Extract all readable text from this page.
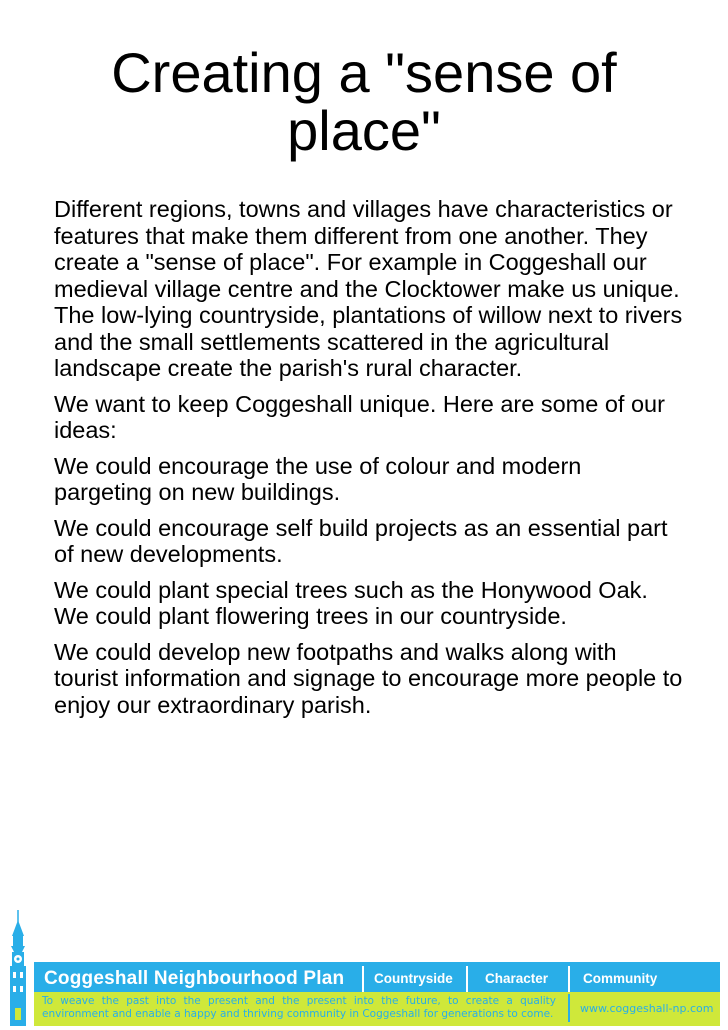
Creating a "sense of place"

Different regions, towns and villages have characteristics or features that make them different from one another. They create a "sense of place". For example in Coggeshall our medieval village centre and the Clocktower make us unique. The low-lying countryside, plantations of willow next to rivers and the small settlements scattered in the agricultural landscape create the parish's rural character.

We want to keep Coggeshall unique. Here are some of our ideas:

We could encourage the use of colour and modern pargeting on new buildings.

We could encourage self build projects as an essential part of new developments.

We could plant special trees such as the Honywood Oak. We could plant flowering trees in our countryside.

We could develop new footpaths and walks along with tourist information and signage to encourage more people to enjoy our extraordinary parish.

Coggeshall Neighbourhood Plan Countryside Character	Community
To weave the past into the present and the present into the future, to create a quality environment and enable a happy and thriving community in Coggeshall for generations to come. www.coggeshall-np.com
